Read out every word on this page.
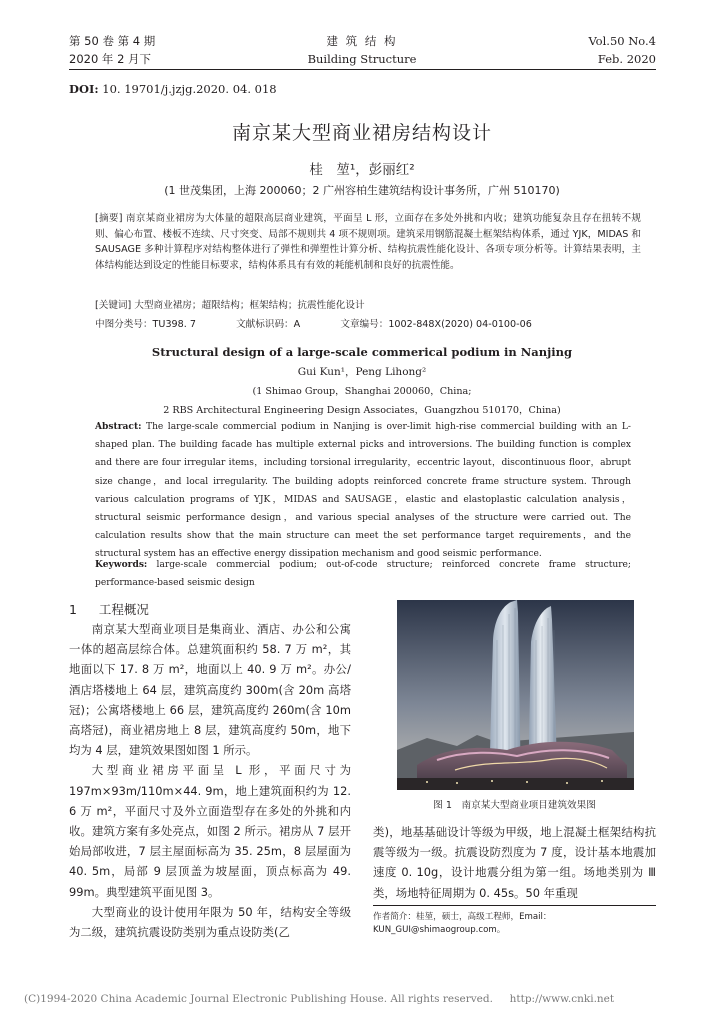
第 50 卷 第 4 期
2020 年 2 月下
建 筑 结 构
Building Structure
Vol.50 No.4
Feb. 2020
DOI: 10. 19701/j.jzjg.2020. 04. 018
南京某大型商业裙房结构设计
桂　堃¹，彭丽红²
(1 世茂集团，上海 200060；2 广州容柏生建筑结构设计事务所，广州 510170)
[摘要] 南京某商业裙房为大体量的超限高层商业建筑，平面呈 L 形，立面存在多处外挑和内收；建筑功能复杂且存在扭转不规则、偏心布置、楼板不连续、尺寸突变、局部不规则共 4 项不规则项。建筑采用钢筋混凝土框架结构体系，通过 YJK，MIDAS 和 SAUSAGE 多种计算程序对结构整体进行了弹性和弹塑性计算分析、结构抗震性能化设计、各项专项分析等。计算结果表明，主体结构能达到设定的性能目标要求，结构体系具有有效的耗能机制和良好的抗震性能。
[关键词] 大型商业裙房；超限结构；框架结构；抗震性能化设计
中图分类号：TU398. 7	文献标识码：A	文章编号：1002-848X(2020) 04-0100-06
Structural design of a large-scale commerical podium in Nanjing
Gui Kun¹，Peng Lihong²
(1 Shimao Group，Shanghai 200060，China;
2 RBS Architectural Engineering Design Associates，Guangzhou 510170，China)
Abstract: The large-scale commercial podium in Nanjing is over-limit high-rise commercial building with an L-shaped plan. The building facade has multiple external picks and introversions. The building function is complex and there are four irregular items，including torsional irregularity，eccentric layout，discontinuous floor，abrupt size change，and local irregularity. The building adopts reinforced concrete frame structure system. Through various calculation programs of YJK，MIDAS and SAUSAGE，elastic and elastoplastic calculation analysis，structural seismic performance design，and various special analyses of the structure were carried out. The calculation results show that the main structure can meet the set performance target requirements，and the structural system has an effective energy dissipation mechanism and good seismic performance.
Keywords: large-scale commercial podium; out-of-code structure; reinforced concrete frame structure; performance-based seismic design
1 工程概况

南京某大型商业项目是集商业、酒店、办公和公寓一体的超高层综合体。总建筑面积约 58. 7 万 m²，其地面以下 17. 8 万 m²，地面以上 40. 9 万 m²。办公/酒店塔楼地上 64 层，建筑高度约 300m(含 20m 高塔冠)；公寓塔楼地上 66 层，建筑高度约 260m(含 10m 高塔冠)，商业裙房地上 8 层，建筑高度约 50m，地下均为 4 层，建筑效果图如图 1 所示。

大型商业裙房平面呈 L 形，平面尺寸为 197m×93m/110m×44. 9m，地上建筑面积约为 12. 6 万 m²，平面尺寸及外立面造型存在多处的外挑和内收。建筑方案有多处亮点，如图 2 所示。裙房从 7 层开始局部收进，7 层主屋面标高为 35. 25m，8 层屋面为 40. 5m，局部 9 层顶盖为坡屋面，顶点标高为 49. 99m。典型建筑平面见图 3。

大型商业的设计使用年限为 50 年，结构安全等级为二级，建筑抗震设防类别为重点设防类(乙

图 1　南京某大型商业项目建筑效果图
类)，地基基础设计等级为甲级，地上混凝土框架结构抗震等级为一级。抗震设防烈度为 7 度，设计基本地震加速度 0. 10g，设计地震分组为第一组。场地类别为 Ⅲ 类，场地特征周期为 0. 45s。50 年重现
作者简介：桂堃，硕士，高级工程师，Email：KUN_GUI@shimaogroup.com。
(C)1994-2020 China Academic Journal Electronic Publishing House. All rights reserved. http://www.cnki.net
